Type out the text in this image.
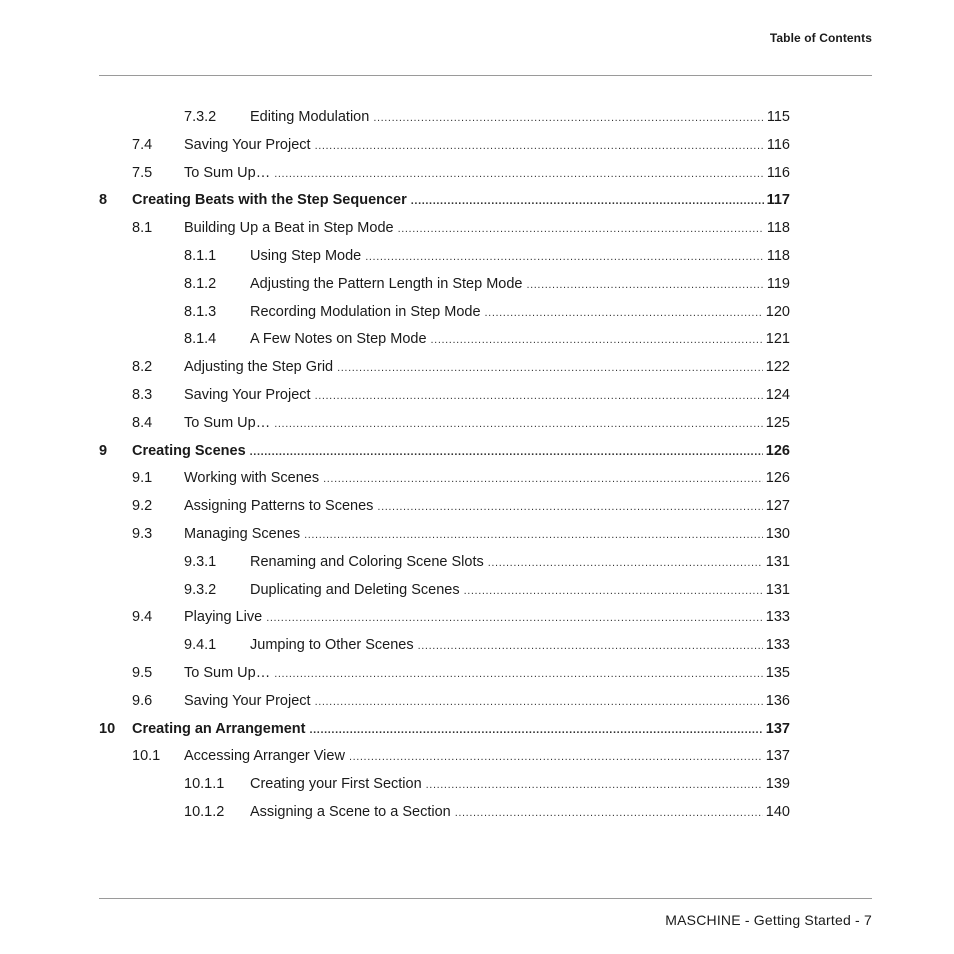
Table of Contents
7.3.2 Editing Modulation .....	115
7.4 Saving Your Project .....	116
7.5 To Sum Up… .....	116
8 Creating Beats with the Step Sequencer .....	117
8.1 Building Up a Beat in Step Mode .....	118
8.1.1 Using Step Mode .....	118
8.1.2 Adjusting the Pattern Length in Step Mode .....	119
8.1.3 Recording Modulation in Step Mode .....	120
8.1.4 A Few Notes on Step Mode .....	121
8.2 Adjusting the Step Grid .....	122
8.3 Saving Your Project .....	124
8.4 To Sum Up… .....	125
9 Creating Scenes .....	126
9.1 Working with Scenes .....	126
9.2 Assigning Patterns to Scenes .....	127
9.3 Managing Scenes .....	130
9.3.1 Renaming and Coloring Scene Slots .....	131
9.3.2 Duplicating and Deleting Scenes .....	131
9.4 Playing Live .....	133
9.4.1 Jumping to Other Scenes .....	133
9.5 To Sum Up… .....	135
9.6 Saving Your Project .....	136
10 Creating an Arrangement .....	137
10.1 Accessing Arranger View .....	137
10.1.1 Creating your First Section .....	139
10.1.2 Assigning a Scene to a Section .....	140
MASCHINE - Getting Started - 7
